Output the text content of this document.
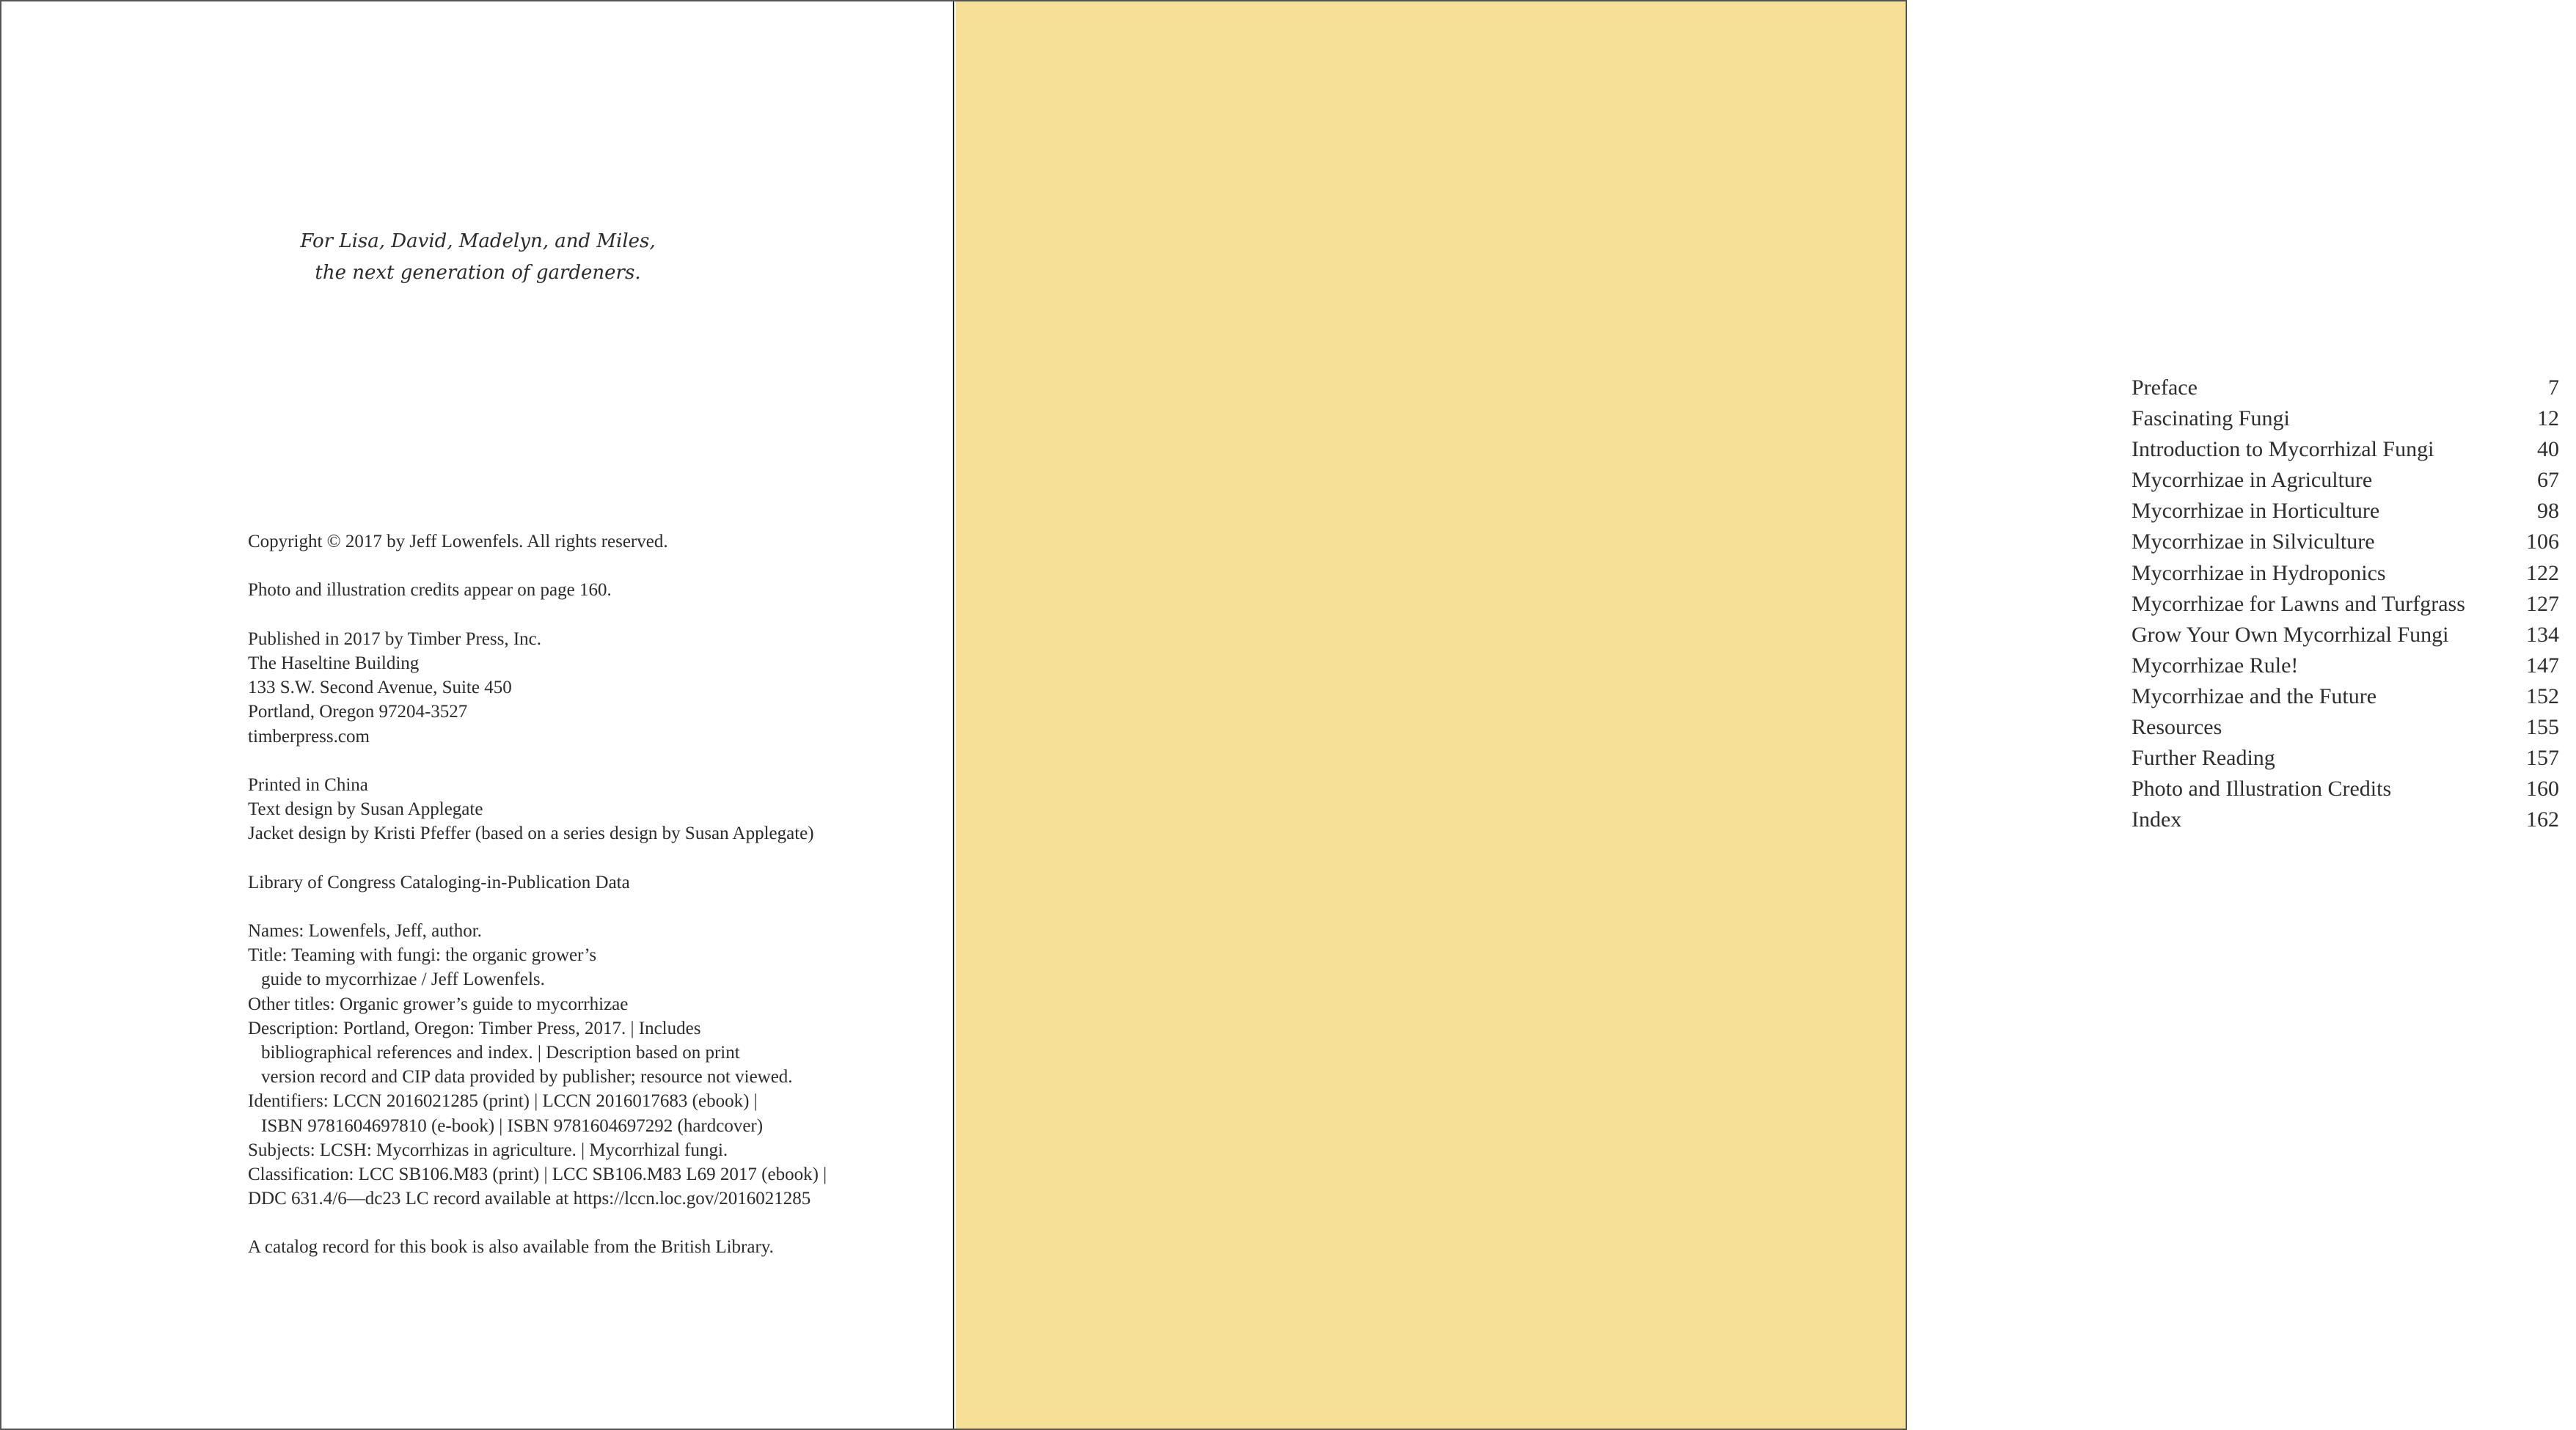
For Lisa, David, Madelyn, and Miles,
the next generation of gardeners.
Copyright © 2017 by Jeff Lowenfels. All rights reserved.
Photo and illustration credits appear on page 160.
Published in 2017 by Timber Press, Inc.
The Haseltine Building
133 S.W. Second Avenue, Suite 450
Portland, Oregon 97204-3527
timberpress.com
Printed in China
Text design by Susan Applegate
Jacket design by Kristi Pfeffer (based on a series design by Susan Applegate)
Library of Congress Cataloging-in-Publication Data
Names: Lowenfels, Jeff, author.
Title: Teaming with fungi: the organic grower’s
guide to mycorrhizae / Jeff Lowenfels.
Other titles: Organic grower’s guide to mycorrhizae
Description: Portland, Oregon: Timber Press, 2017. | Includes
bibliographical references and index. | Description based on print
version record and CIP data provided by publisher; resource not viewed.
Identifiers: LCCN 2016021285 (print) | LCCN 2016017683 (ebook) |
ISBN 9781604697810 (e-book) | ISBN 9781604697292 (hardcover)
Subjects: LCSH: Mycorrhizas in agriculture. | Mycorrhizal fungi.
Classification: LCC SB106.M83 (print) | LCC SB106.M83 L69 2017 (ebook) |
DDC 631.4/6—dc23 LC record available at https://lccn.loc.gov/2016021285
A catalog record for this book is also available from the British Library.
CONTENTS
Preface	7
Fascinating Fungi	12
Introduction to Mycorrhizal Fungi	40
Mycorrhizae in Agriculture	67
Mycorrhizae in Horticulture	98
Mycorrhizae in Silviculture	106
Mycorrhizae in Hydroponics	122
Mycorrhizae for Lawns and Turfgrass	127
Grow Your Own Mycorrhizal Fungi	134
Mycorrhizae Rule!	147
Mycorrhizae and the Future	152
Resources	155
Further Reading	157
Photo and Illustration Credits	160
Index	162
